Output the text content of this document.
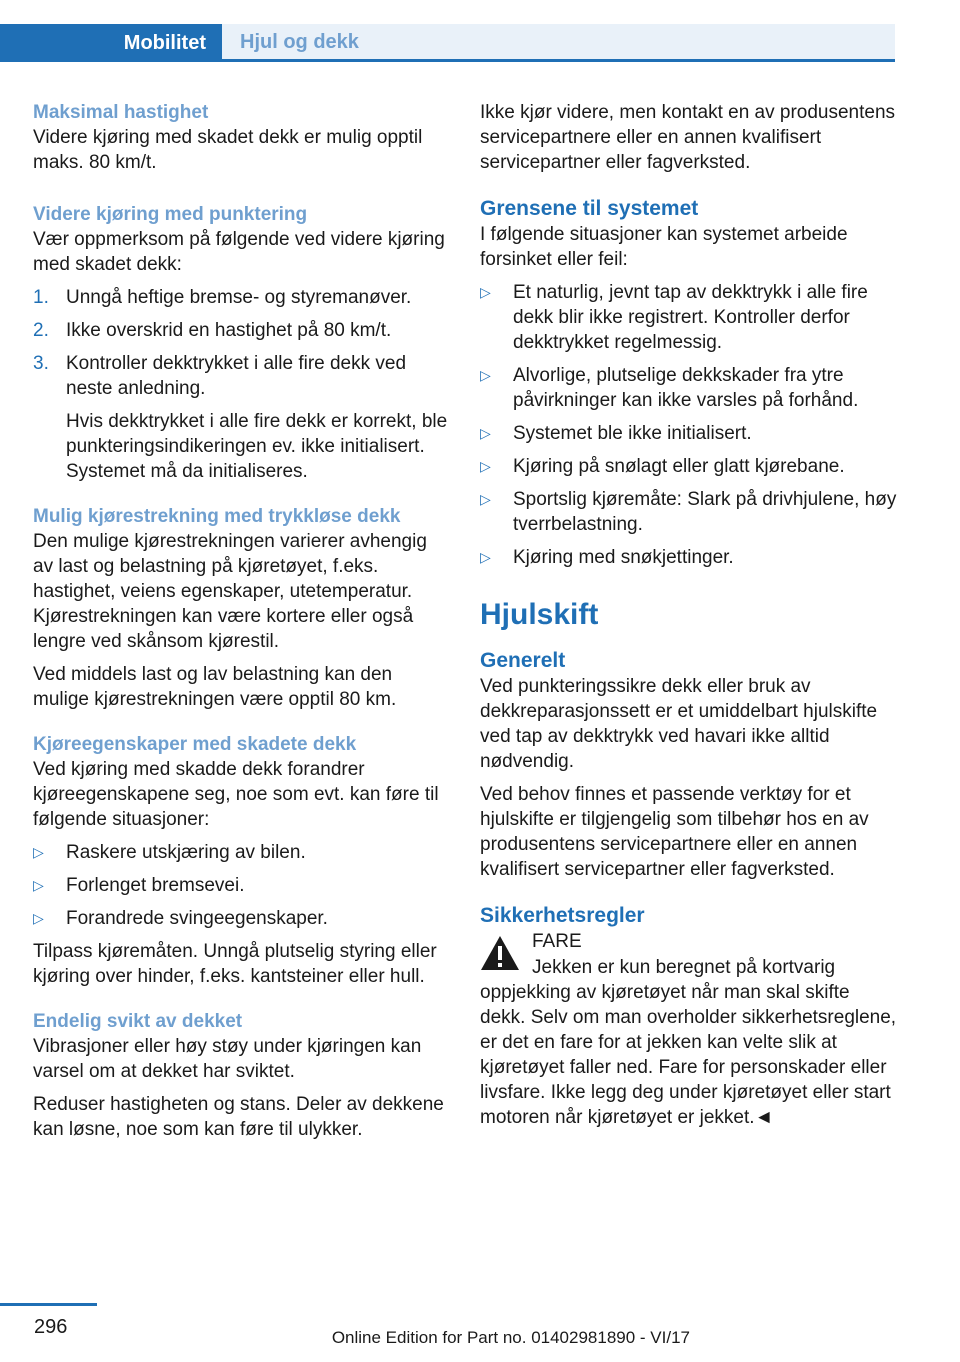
Mobilitet	Hjul og dekk
Maksimal hastighet
Videre kjøring med skadet dekk er mulig opptil maks. 80 km/t.
Videre kjøring med punktering
Vær oppmerksom på følgende ved videre kjøring med skadet dekk:
1. Unngå heftige bremse- og styremanøver.
2. Ikke overskrid en hastighet på 80 km/t.
3. Kontroller dekktrykket i alle fire dekk ved neste anledning.
Hvis dekktrykket i alle fire dekk er korrekt, ble punkteringsindikeringen ev. ikke initialisert. Systemet må da initialiseres.
Mulig kjørestrekning med trykkløse dekk
Den mulige kjørestrekningen varierer avhengig av last og belastning på kjøretøyet, f.eks. hastighet, veiens egenskaper, utetemperatur. Kjørestrekningen kan være kortere eller også lengre ved skånsom kjørestil.
Ved middels last og lav belastning kan den mulige kjørestrekningen være opptil 80 km.
Kjøreegenskaper med skadete dekk
Ved kjøring med skadde dekk forandrer kjøreegenskapene seg, noe som evt. kan føre til følgende situasjoner:
▷ Raskere utskjæring av bilen.
▷ Forlenget bremsevei.
▷ Forandrede svingeegenskaper.
Tilpass kjøremåten. Unngå plutselig styring eller kjøring over hinder, f.eks. kantsteiner eller hull.
Endelig svikt av dekket
Vibrasjoner eller høy støy under kjøringen kan varsel om at dekket har sviktet.
Reduser hastigheten og stans. Deler av dekkene kan løsne, noe som kan føre til ulykker.
Ikke kjør videre, men kontakt en av produsentens servicepartnere eller en annen kvalifisert servicepartner eller fagverksted.
Grensene til systemet
I følgende situasjoner kan systemet arbeide forsinket eller feil:
▷ Et naturlig, jevnt tap av dekktrykk i alle fire dekk blir ikke registrert. Kontroller derfor dekktrykket regelmessig.
▷ Alvorlige, plutselige dekkskader fra ytre påvirkninger kan ikke varsles på forhånd.
▷ Systemet ble ikke initialisert.
▷ Kjøring på snølagt eller glatt kjørebane.
▷ Sportslig kjøremåte: Slark på drivhjulene, høy tverrbelastning.
▷ Kjøring med snøkjettinger.
Hjulskift
Generelt
Ved punkteringssikre dekk eller bruk av dekkreparasjonssett er et umiddelbart hjulskifte ved tap av dekktrykk ved havari ikke alltid nødvendig.
Ved behov finnes et passende verktøy for et hjulskifte er tilgjengelig som tilbehør hos en av produsentens servicepartnere eller en annen kvalifisert servicepartner eller fagverksted.
Sikkerhetsregler
FARE
Jekken er kun beregnet på kortvarig oppjekking av kjøretøyet når man skal skifte dekk. Selv om man overholder sikkerhetsreglene, er det en fare for at jekken kan velte slik at kjøretøyet faller ned. Fare for personskader eller livsfare. Ikke legg deg under kjøretøyet eller start motoren når kjøretøyet er jekket.◄
296	Online Edition for Part no. 01402981890 - VI/17
